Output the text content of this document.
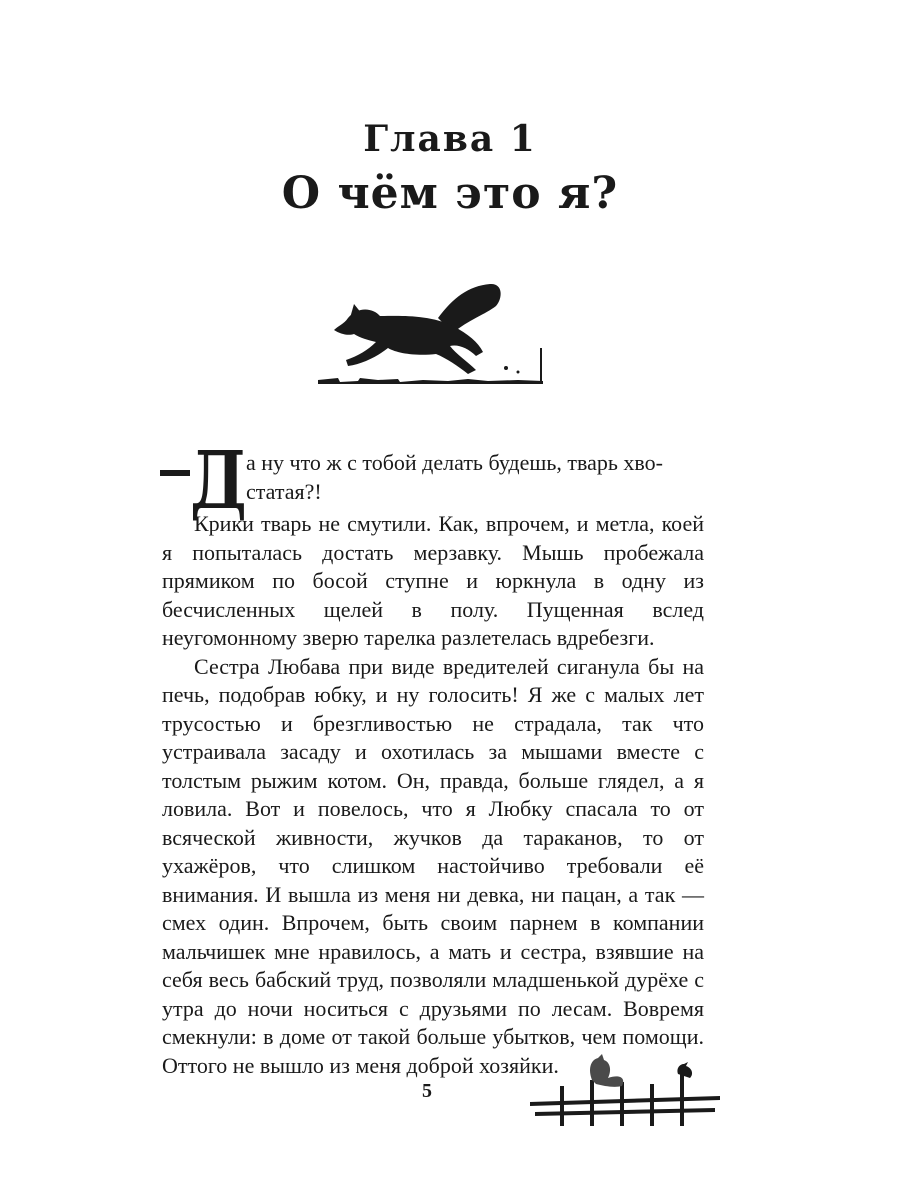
Глава 1
О чём это я?
Д а ну что ж с тобой делать будешь, тварь хво-
статая?!

Крики тварь не смутили. Как, впрочем, и метла, коей я попыталась достать мерзавку. Мышь пробежала прямиком по босой ступне и юркнула в одну из бесчисленных щелей в полу. Пущенная вслед неугомонному зверю тарелка разлетелась вдребезги.

Сестра Любава при виде вредителей сиганула бы на печь, подобрав юбку, и ну голосить! Я же с малых лет трусостью и брезгливостью не страдала, так что устраивала засаду и охотилась за мышами вместе с толстым рыжим котом. Он, правда, больше глядел, а я ловила. Вот и повелось, что я Любку спасала то от всяческой живности, жучков да тараканов, то от ухажёров, что слишком настойчиво требовали её внимания. И вышла из меня ни девка, ни пацан, а так — смех один. Впрочем, быть своим парнем в компании мальчишек мне нравилось, а мать и сестра, взявшие на себя весь бабский труд, позволяли младшенькой дурёхе с утра до ночи носиться с друзьями по лесам. Вовремя смекнули: в доме от такой больше убытков, чем помощи. Оттого не вышло из меня доброй хозяйки.

5
